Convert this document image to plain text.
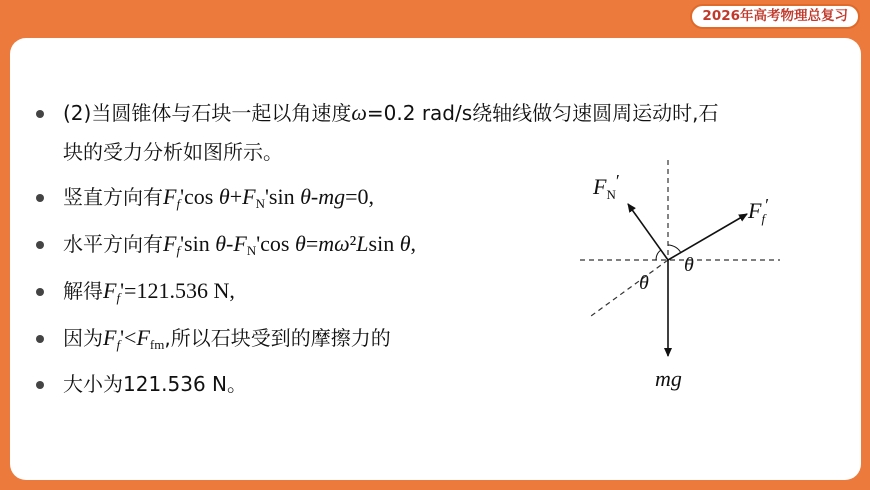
2026年高考物理总复习
(2)当圆锥体与石块一起以角速度ω=0.2 rad/s绕轴线做匀速圆周运动时,石
块的受力分析如图所示。
竖直方向有$F_f'\cos$ $\theta+F_N'\sin$ θ-mg=0,
水平方向有$F_f'\sin$ $\theta-F_N'\cos$ θ=mω²Lsin θ,
解得$F_f'=121.536$ N,
因为$F_f'<F_{fm}$,所以石块受到的摩擦力的
大小为121.536 N。
$F_N'$
$F_f'$
θ
θ
mg
